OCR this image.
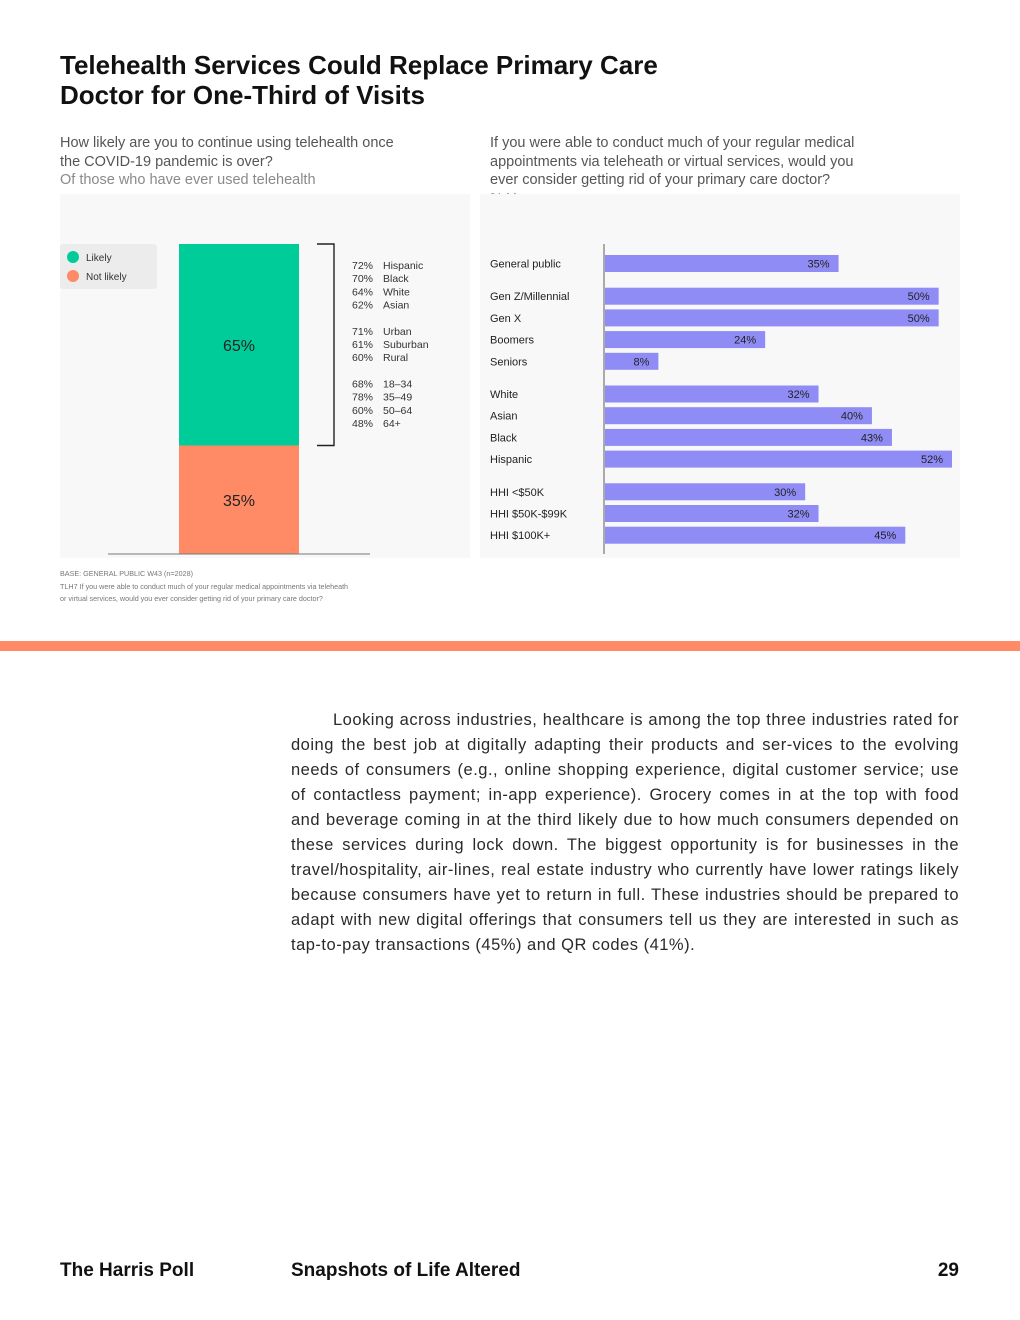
Telehealth Services Could Replace Primary Care
Doctor for One-Third of Visits

How likely are you to continue using telehealth once
the COVID-19 pandemic is over?
Of those who have ever used telehealth

If you were able to conduct much of your regular medical
appointments via teleheath or virtual services, would you
ever consider getting rid of your primary care doctor?

Likely
Not likely
65%
35%
72% Hispanic
70% Black
64% White
62% Asian
71% Urban
61% Suburban
60% Rural
68% 18–34
78% 35–49
60% 50–64
48% 64+
General public	35%
Gen Z/Millennial	50%
Gen X	50%
Boomers	24%
Seniors	8%
White	32%
Asian	40%
Black	43%
Hispanic	52%
HHI <$50K	30%
HHI $50K-$99K	32%
HHI $100K+	45%

BASE: GENERAL PUBLIC W43 (n=2028)
TLH7 If you were able to conduct much of your regular medical appointments via teleheath
or virtual services, would you ever consider getting rid of your primary care doctor?

Looking across industries, healthcare is among the top three industries rated for doing the best job at digitally adapting their products and ser-vices to the evolving needs of consumers (e.g., online shopping experience, digital customer service; use of contactless payment; in-app experience). Grocery comes in at the top with food and beverage coming in at the third likely due to how much consumers depended on these services during lock down. The biggest opportunity is for businesses in the travel/hospitality, air-lines, real estate industry who currently have lower ratings likely because consumers have yet to return in full. These industries should be prepared to adapt with new digital offerings that consumers tell us they are interested in such as tap-to-pay transactions (45%) and QR codes (41%).

The Harris Poll	Snapshots of Life Altered	29
